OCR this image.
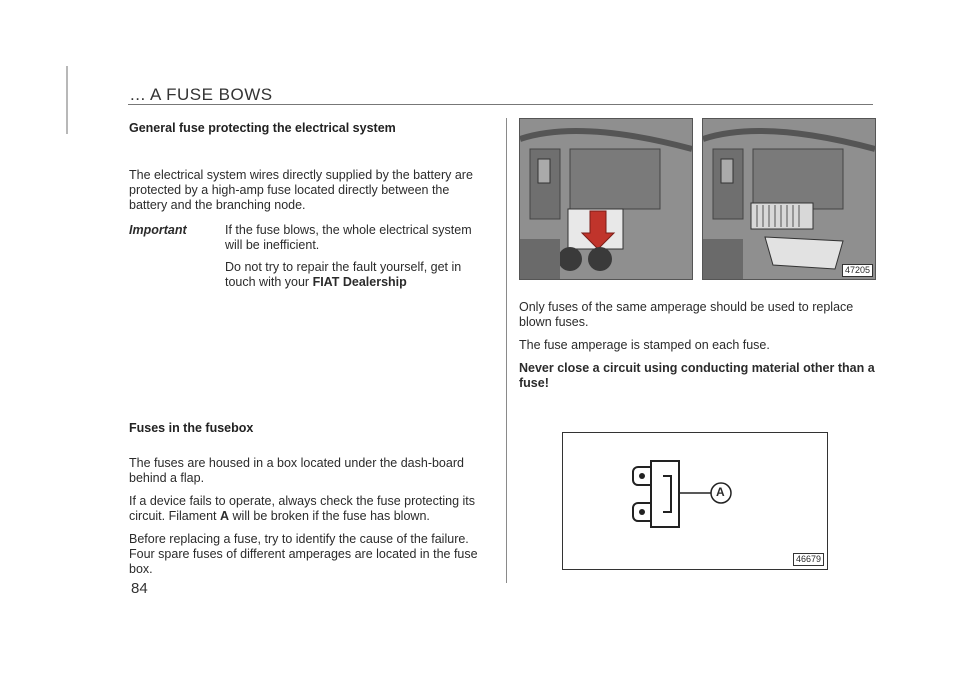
... A FUSE BOWS
General fuse protecting the electrical system

The electrical system wires directly supplied by the battery are protected by a high-amp fuse located directly between the battery and the branching node.

Important	If the fuse blows, the whole electrical system will be inefficient.

Do not try to repair the fault yourself, get in touch with your FIAT Dealership

Fuses in the fusebox

The fuses are housed in a box located under the dash-board behind a flap.

If a device fails to operate, always check the fuse protecting its circuit. Filament A will be broken if the fuse has blown.

Before replacing a fuse, try to identify the cause of the failure. Four spare fuses of different amperages are located in the fuse box.

84
47205

Only fuses of the same amperage should be used to replace blown fuses.

The fuse amperage is stamped on each fuse.

Never close a circuit using conducting material other than a fuse!

A
46679
